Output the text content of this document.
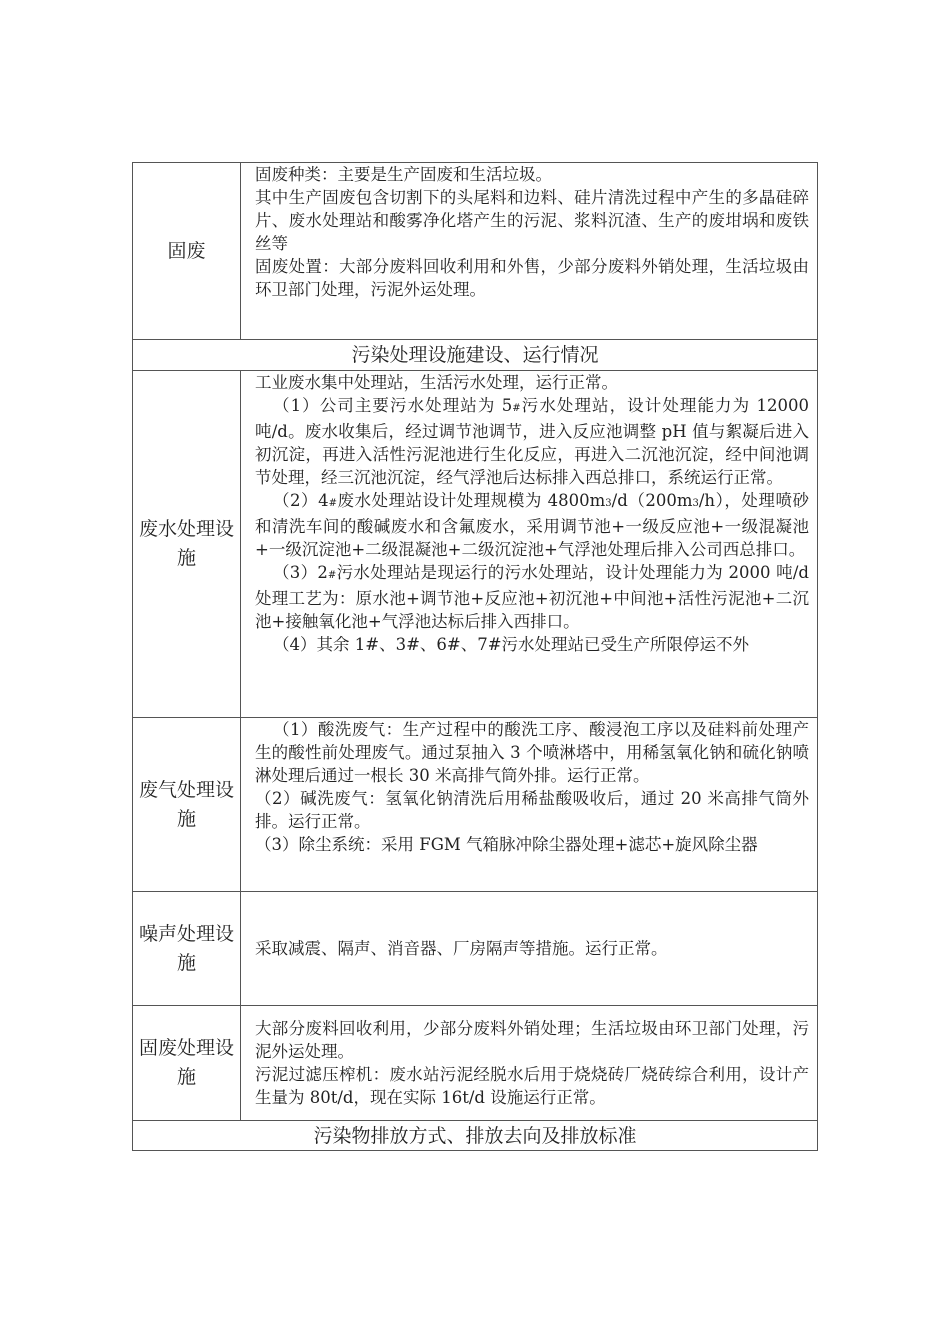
固废

固废种类：主要是生产固废和生活垃圾。

其中生产固废包含切割下的头尾料和边料、硅片清洗过程中产生的多晶硅碎片、废水处理站和酸雾净化塔产生的污泥、浆料沉渣、生产的废坩埚和废铁丝等

固废处置：大部分废料回收利用和外售，少部分废料外销处理，生活垃圾由环卫部门处理，污泥外运处理。

污染处理设施建设、运行情况
废水处理设施

工业废水集中处理站，生活污水处理，运行正常。

（1）公司主要污水处理站为 5#污水处理站，设计处理能力为 12000 吨/d。废水收集后，经过调节池调节，进入反应池调整 pH 值与絮凝后进入初沉淀，再进入活性污泥池进行生化反应，再进入二沉池沉淀，经中间池调节处理，经三沉池沉淀，经气浮池后达标排入西总排口，系统运行正常。

（2）4#废水处理站设计处理规模为 4800m3/d（200m3/h），处理喷砂和清洗车间的酸碱废水和含氟废水，采用调节池+一级反应池+一级混凝池+一级沉淀池+二级混凝池+二级沉淀池+气浮池处理后排入公司西总排口。

（3）2#污水处理站是现运行的污水处理站，设计处理能力为 2000 吨/d 处理工艺为：原水池+调节池+反应池+初沉池+中间池+活性污泥池+二沉池+接触氧化池+气浮池达标后排入西排口。

（4）其余 1#、3#、6#、7#污水处理站已受生产所限停运不外

废气处理设施

（1）酸洗废气：生产过程中的酸洗工序、酸浸泡工序以及硅料前处理产生的酸性前处理废气。通过泵抽入 3 个喷淋塔中，用稀氢氧化钠和硫化钠喷淋处理后通过一根长 30 米高排气筒外排。运行正常。

（2）碱洗废气：氢氧化钠清洗后用稀盐酸吸收后，通过 20 米高排气筒外排。运行正常。

（3）除尘系统：采用 FGM 气箱脉冲除尘器处理+滤芯+旋风除尘器

噪声处理设施

采取减震、隔声、消音器、厂房隔声等措施。运行正常。

固废处理设施

大部分废料回收利用，少部分废料外销处理；生活垃圾由环卫部门处理，污泥外运处理。

污泥过滤压榨机：废水站污泥经脱水后用于烧烧砖厂烧砖综合利用，设计产生量为 80t/d，现在实际 16t/d 设施运行正常。

污染物排放方式、排放去向及排放标准
